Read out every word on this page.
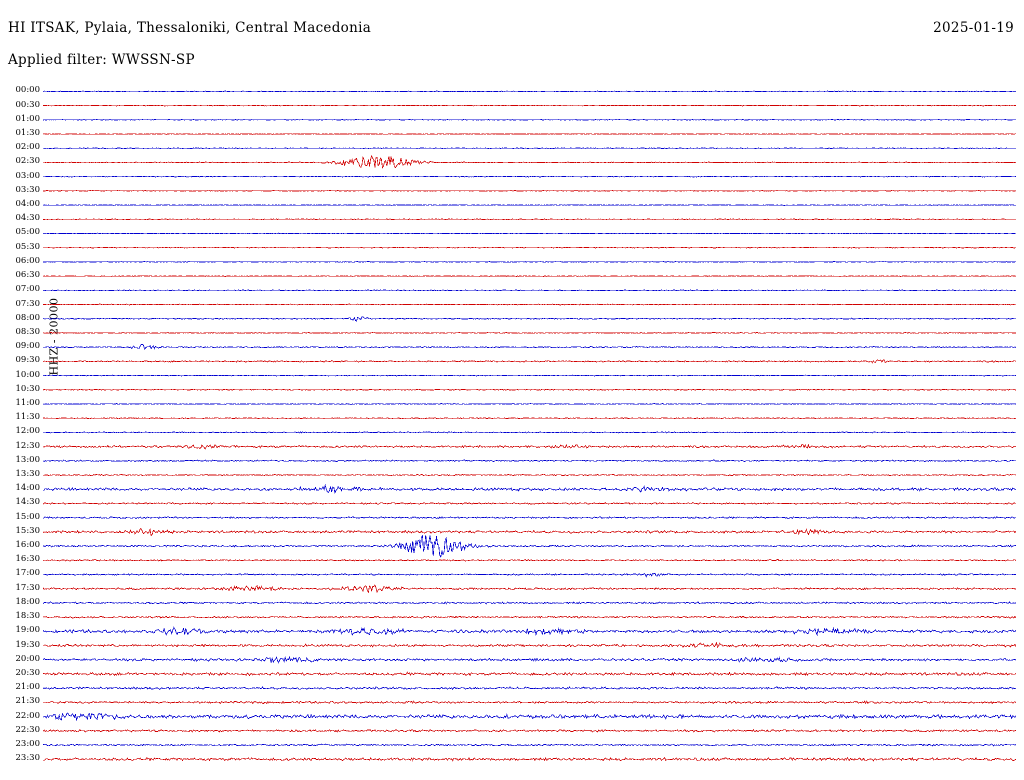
HI ITSAK, Pylaia, Thessaloniki, Central Macedonia	2025-01-19
Applied filter: WWSSN-SP
HHZ - 20000
00:00
00:30
01:00
01:30
02:00
02:30
03:00
03:30
04:00
04:30
05:00
05:30
06:00
06:30
07:00
07:30
08:00
08:30
09:00
09:30
10:00
10:30
11:00
11:30
12:00
12:30
13:00
13:30
14:00
14:30
15:00
15:30
16:00
16:30
17:00
17:30
18:00
18:30
19:00
19:30
20:00
20:30
21:00
21:30
22:00
22:30
23:00
23:30
